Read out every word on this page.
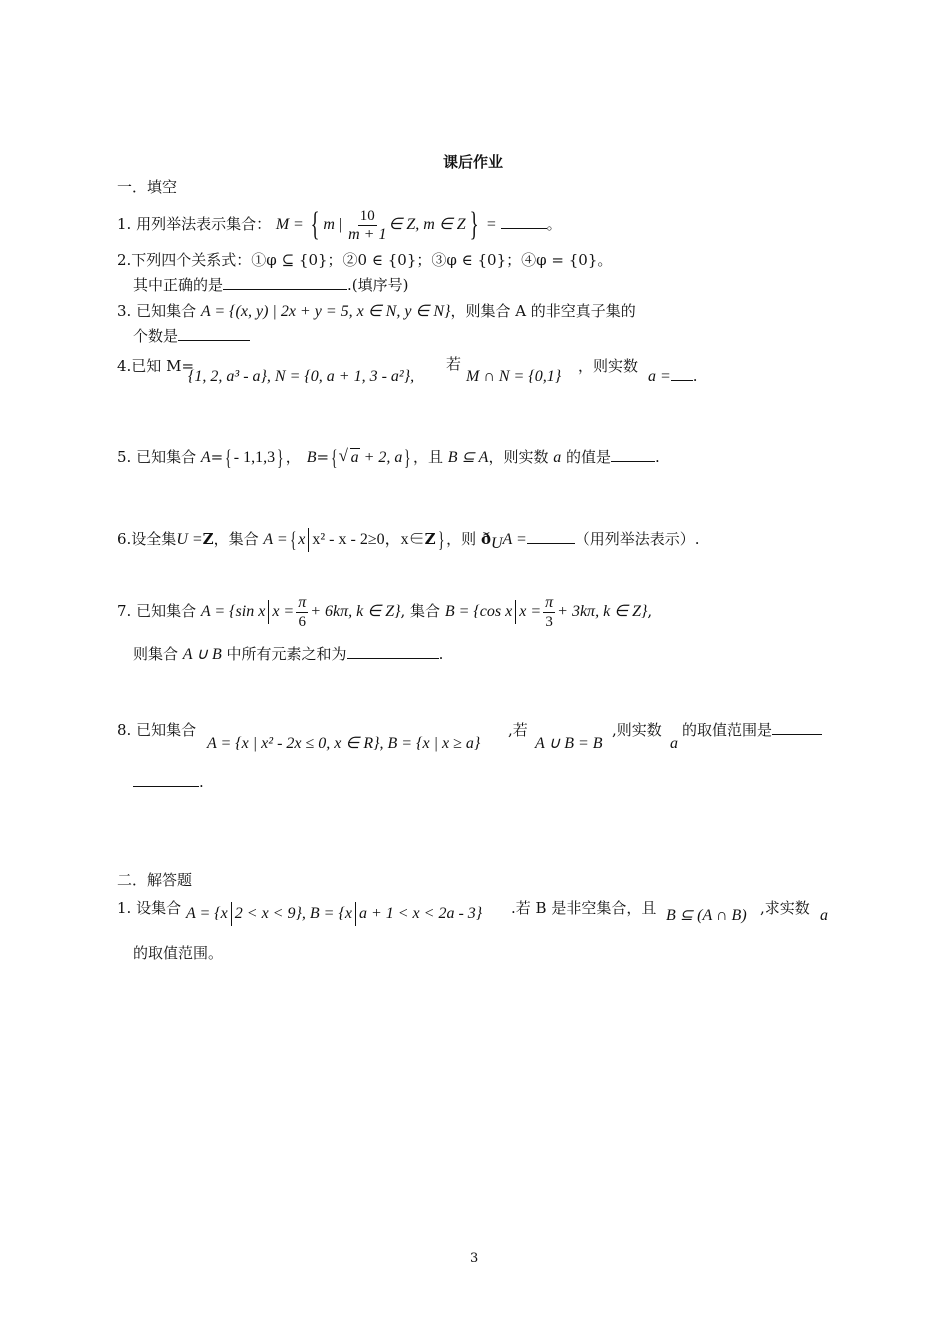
课后作业
一．填空
1. 用列举法表示集合： M = { m | $\frac{10}{m + 1}$ ∈ Z, m ∈ Z } =	。
2.下列四个关系式：①φ ⊆ {0}；②0 ∈ {0}；③φ ∈ {0}；④φ = {0}。
其中正确的是	.(填序号)
3. 已知集合 A = {(x, y) | 2x + y = 5, x ∈ N, y ∈ N}，则集合 A 的非空真子集的
个数是
4.已知 M=
{1, 2, a³ - a}, N = {0, a + 1, 3 - a²},
若
M ∩ N = {0,1}
，则实数
a = .
5. 已知集合 A={ - 1,1,3} ， B={√ a + 2, a} ，且 B ⊆ A，则实数 a 的值是	.
6.设全集U =Z，集合 A ={ x x² - x - 2≥0，x∈Z} ，则 $ð_UA$ =	（用列举法表示）.
7. 已知集合 A = {sin x $x = \frac{\pi}{6} + 6k\pi$, k ∈ Z}, 集合 B = {cos x $x = \frac{\pi}{3} + 3k\pi$, k ∈ Z},
则集合 A ∪ B 中所有元素之和为	.
8. 已知集合
A = {x | x² - 2x ≤ 0, x ∈ R}, B = {x | x ≥ a}
,若
A ∪ B = B
,则实数
a
的取值范围是
.
二．解答题
1. 设集合 A = {x 2 < x < 9}, B = {x a + 1 < x < 2a - 3} .若 B 是非空集合，且 B ⊆ (A ∩ B) ,求实数 a
的取值范围。
3
